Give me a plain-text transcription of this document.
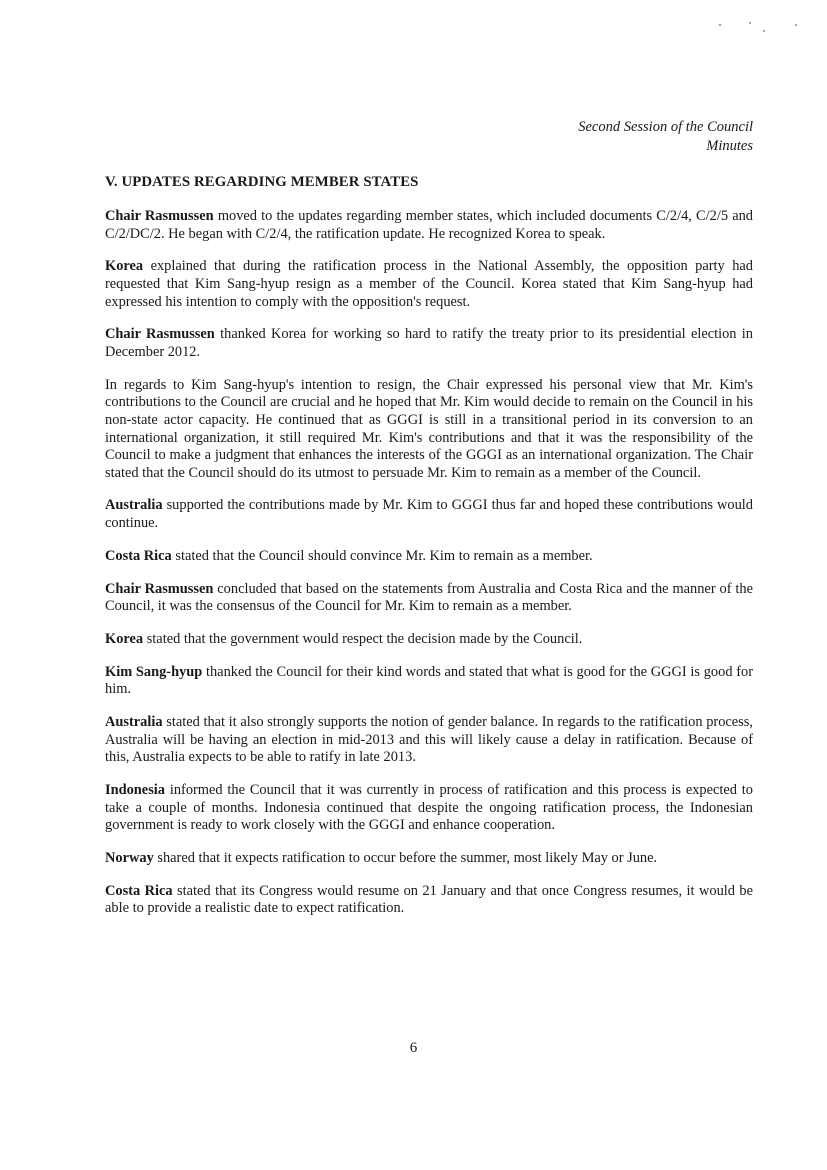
Second Session of the Council
Minutes
V. UPDATES REGARDING MEMBER STATES

Chair Rasmussen moved to the updates regarding member states, which included documents C/2/4, C/2/5 and C/2/DC/2. He began with C/2/4, the ratification update. He recognized Korea to speak.

Korea explained that during the ratification process in the National Assembly, the opposition party had requested that Kim Sang-hyup resign as a member of the Council. Korea stated that Kim Sang-hyup had expressed his intention to comply with the opposition's request.

Chair Rasmussen thanked Korea for working so hard to ratify the treaty prior to its presidential election in December 2012.

In regards to Kim Sang-hyup's intention to resign, the Chair expressed his personal view that Mr. Kim's contributions to the Council are crucial and he hoped that Mr. Kim would decide to remain on the Council in his non-state actor capacity. He continued that as GGGI is still in a transitional period in its conversion to an international organization, it still required Mr. Kim's contributions and that it was the responsibility of the Council to make a judgment that enhances the interests of the GGGI as an international organization. The Chair stated that the Council should do its utmost to persuade Mr. Kim to remain as a member of the Council.

Australia supported the contributions made by Mr. Kim to GGGI thus far and hoped these contributions would continue.

Costa Rica stated that the Council should convince Mr. Kim to remain as a member.

Chair Rasmussen concluded that based on the statements from Australia and Costa Rica and the manner of the Council, it was the consensus of the Council for Mr. Kim to remain as a member.

Korea stated that the government would respect the decision made by the Council.

Kim Sang-hyup thanked the Council for their kind words and stated that what is good for the GGGI is good for him.

Australia stated that it also strongly supports the notion of gender balance. In regards to the ratification process, Australia will be having an election in mid-2013 and this will likely cause a delay in ratification. Because of this, Australia expects to be able to ratify in late 2013.

Indonesia informed the Council that it was currently in process of ratification and this process is expected to take a couple of months. Indonesia continued that despite the ongoing ratification process, the Indonesian government is ready to work closely with the GGGI and enhance cooperation.

Norway shared that it expects ratification to occur before the summer, most likely May or June.

Costa Rica stated that its Congress would resume on 21 January and that once Congress resumes, it would be able to provide a realistic date to expect ratification.

6
